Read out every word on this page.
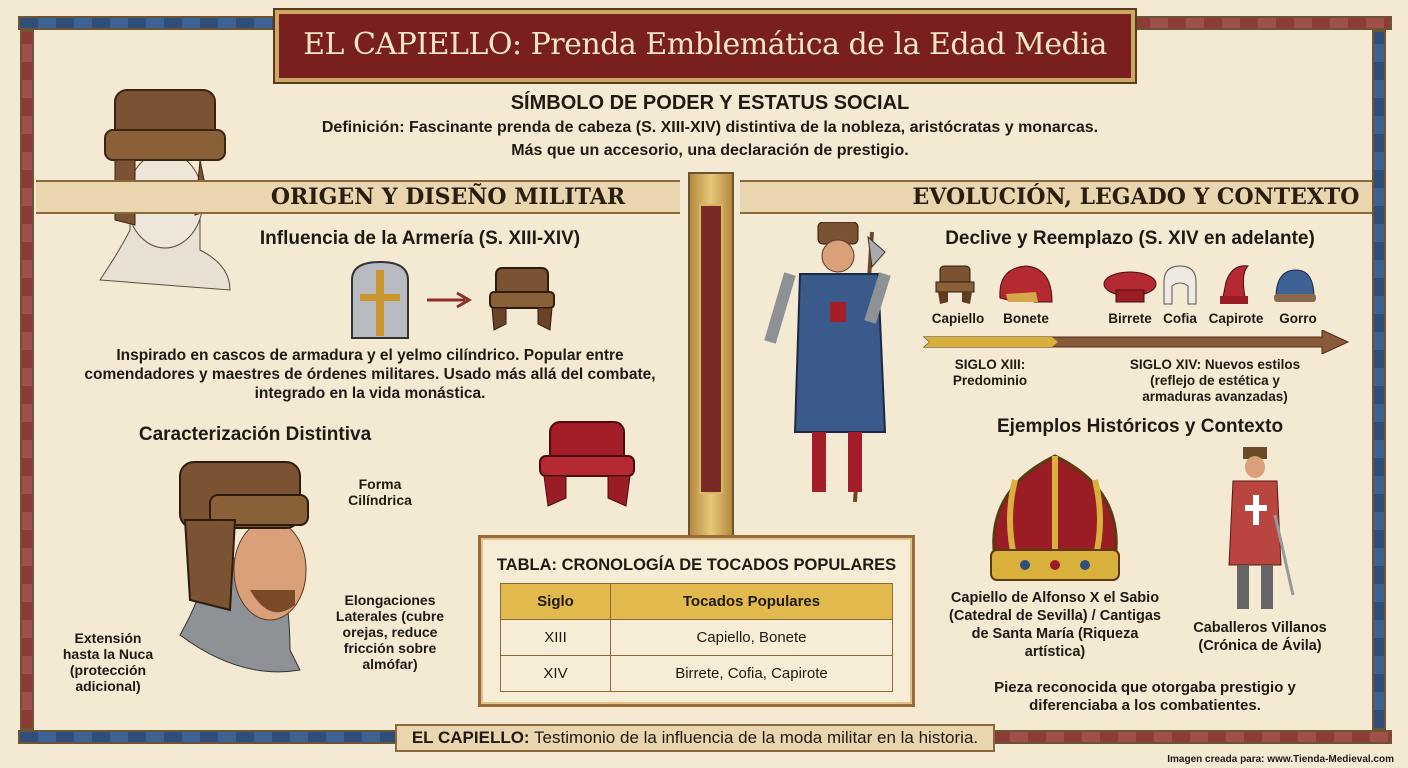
EL CAPIELLO: Prenda Emblemática de la Edad Media
SÍMBOLO DE PODER Y ESTATUS SOCIAL
Definición: Fascinante prenda de cabeza (S. XIII-XIV) distintiva de la nobleza, aristócratas y monarcas.
Más que un accesorio, una declaración de prestigio.
ORIGEN Y DISEÑO MILITAR	EVOLUCIÓN, LEGADO Y CONTEXTO
Influencia de la Armería (S. XIII-XIV)
Inspirado en cascos de armadura y el yelmo cilíndrico. Popular entre comendadores y maestres de órdenes militares. Usado más allá del combate, integrado en la vida monástica.
Caracterización Distintiva
Forma Cilíndrica
Elongaciones Laterales (cubre orejas, reduce fricción sobre almófar)
Extensión hasta la Nuca (protección adicional)
TABLA: CRONOLOGÍA DE TOCADOS POPULARES
Siglo	Tocados Populares
XIII	Capiello, Bonete
XIV	Birrete, Cofia, Capirote
Declive y Reemplazo (S. XIV en adelante)
Capiello Bonete	Birrete Cofia Capirote Gorro
SIGLO XIII: Predominio
SIGLO XIV: Nuevos estilos (reflejo de estética y armaduras avanzadas)
Ejemplos Históricos y Contexto
Capiello de Alfonso X el Sabio (Catedral de Sevilla) / Cantigas de Santa María (Riqueza artística)
Caballeros Villanos (Crónica de Ávila)
Pieza reconocida que otorgaba prestigio y diferenciaba a los combatientes.
EL CAPIELLO: Testimonio de la influencia de la moda militar en la historia.
Imagen creada para: www.Tienda-Medieval.com
